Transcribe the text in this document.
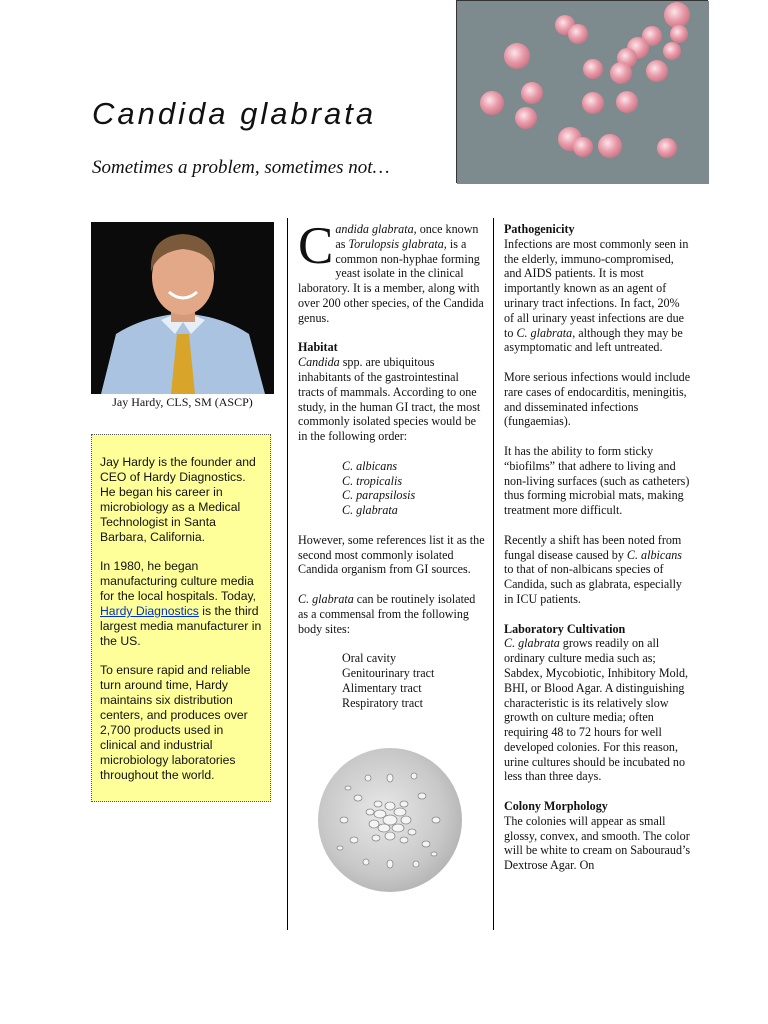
Candida glabrata
Sometimes a problem, sometimes not…
Jay Hardy, CLS, SM (ASCP)

Jay Hardy is the founder and CEO of Hardy Diagnostics. He began his career in microbiology as a Medical Technologist in Santa Barbara, California.

In 1980, he began manufacturing culture media for the local hospitals. Today, Hardy Diagnostics is the third largest media manufacturer in the US.

To ensure rapid and reliable turn around time, Hardy maintains six distribution centers, and produces over 2,700 products used in clinical and industrial microbiology laboratories throughout the world.

Candida glabrata, once known as Torulopsis glabrata, is a common non-hyphae forming yeast isolate in the clinical laboratory. It is a member, along with over 200 other species, of the Candida genus.

Habitat
Candida spp. are ubiquitous inhabitants of the gastrointestinal tracts of mammals. According to one study, in the human GI tract, the most commonly isolated species would be in the following order:

C. albicans
C. tropicalis
C. parapsilosis
C. glabrata

However, some references list it as the second most commonly isolated Candida organism from GI sources.

C. glabrata can be routinely isolated as a commensal from the following body sites:

Oral cavity
Genitourinary tract
Alimentary tract
Respiratory tract

Pathogenicity
Infections are most commonly seen in the elderly, immuno-compromised, and AIDS patients. It is most importantly known as an agent of urinary tract infections. In fact, 20% of all urinary yeast infections are due to C. glabrata, although they may be asymptomatic and left untreated.

More serious infections would include rare cases of endocarditis, meningitis, and disseminated infections (fungaemias).

It has the ability to form sticky “biofilms” that adhere to living and non-living surfaces (such as catheters) thus forming microbial mats, making treatment more difficult.

Recently a shift has been noted from fungal disease caused by C. albicans to that of non-albicans species of Candida, such as glabrata, especially in ICU patients.

Laboratory Cultivation
C. glabrata grows readily on all ordinary culture media such as; Sabdex, Mycobiotic, Inhibitory Mold, BHI, or Blood Agar. A distinguishing characteristic is its relatively slow growth on culture media; often requiring 48 to 72 hours for well developed colonies. For this reason, urine cultures should be incubated no less than three days.

Colony Morphology
The colonies will appear as small glossy, convex, and smooth. The color will be white to cream on Sabouraud’s Dextrose Agar. On
